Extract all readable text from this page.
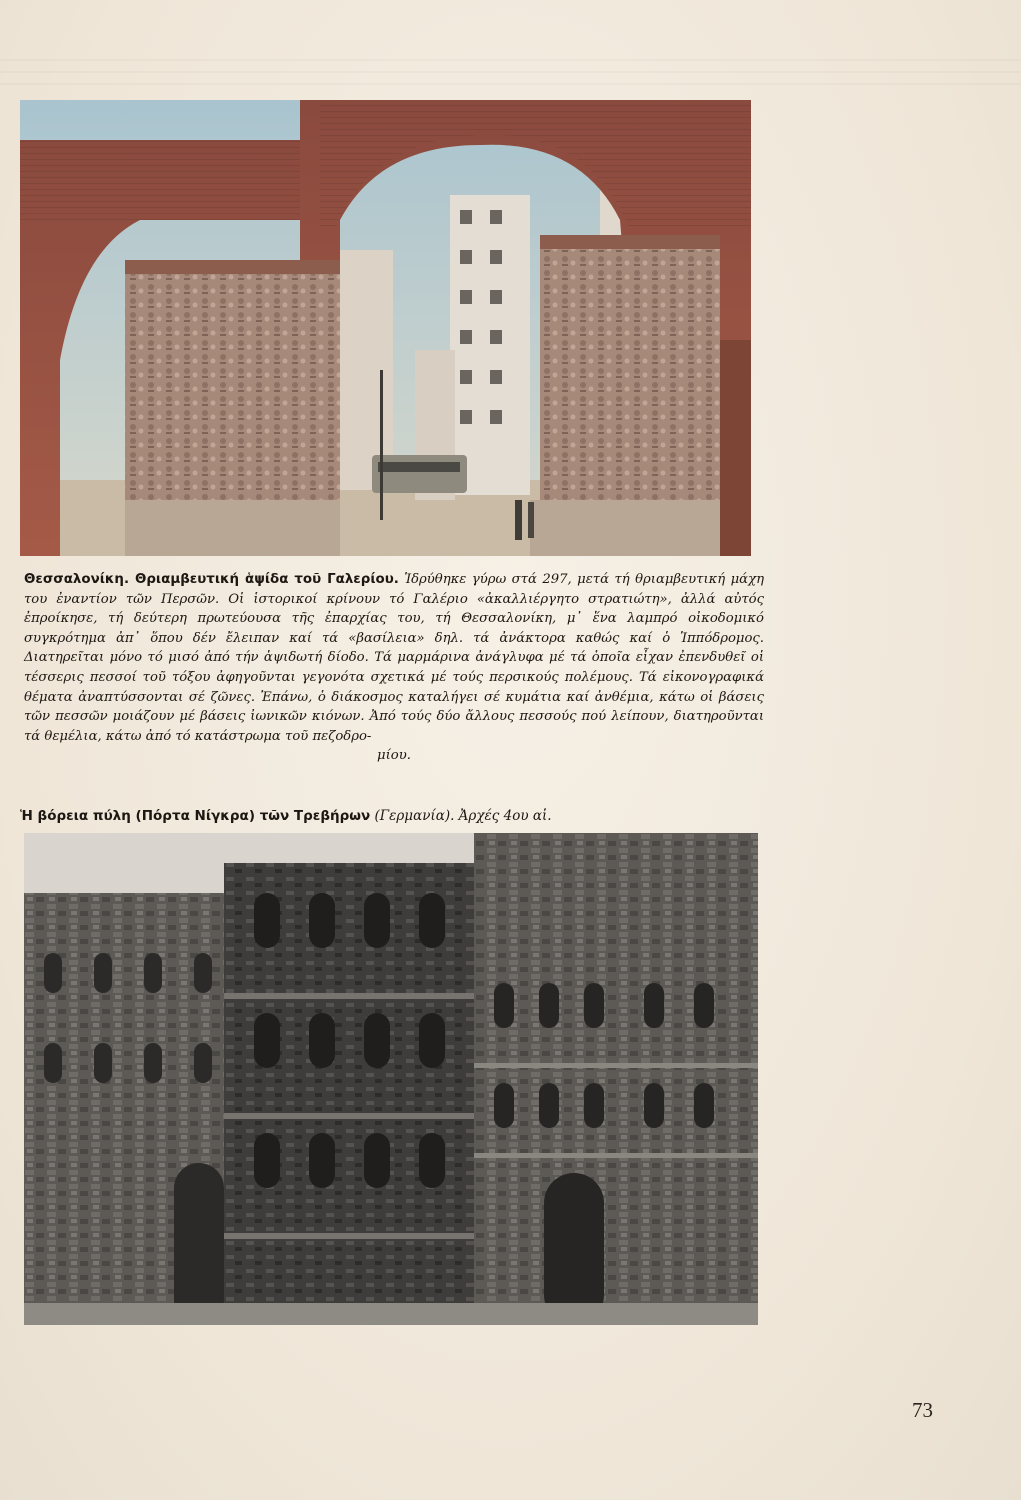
Θεσσαλονίκη. Θριαμβευτική ἁψίδα τοῦ Γαλερίου. Ἱδρύθηκε γύρω στά 297, μετά τή θριαμβευτική μάχη του ἐναντίον τῶν Περσῶν. Οἱ ἱστορικοί κρίνουν τό Γαλέριο «ἀκαλλιέργητο στρατιώτη», ἀλλά αὐτός ἐπροίκησε, τή δεύτερη πρωτεύουσα τῆς ἐπαρχίας του, τή Θεσσαλονίκη, μ᾽ ἕνα λαμπρό οἰκοδομικό συγκρότημα ἀπ᾽ ὅπου δέν ἔλειπαν καί τά «βασίλεια» δηλ. τά ἀνάκτορα καθώς καί ὁ Ἱππόδρομος. Διατηρεῖται μόνο τό μισό ἀπό τήν ἁψιδωτή δίοδο. Τά μαρμάρινα ἀνάγλυφα μέ τά ὁποῖα εἶχαν ἐπενδυθεῖ οἱ τέσσερις πεσσοί τοῦ τόξου ἀφηγοῦνται γεγονότα σχετικά μέ τούς περσικούς πολέμους. Τά εἰκονογραφικά θέματα ἀναπτύσσονται σέ ζῶνες. Ἐπάνω, ὁ διάκοσμος καταλήγει σέ κυμάτια καί ἀνθέμια, κάτω οἱ βάσεις τῶν πεσσῶν μοιάζουν μέ βάσεις ἰωνικῶν κιόνων. Ἀπό τούς δύο ἄλλους πεσσούς πού λείπουν, διατηροῦνται τά θεμέλια, κάτω ἀπό τό κατάστρωμα τοῦ πεζοδρο-
μίου.
Ἡ βόρεια πύλη (Πόρτα Νίγκρα) τῶν Τρεβήρων (Γερμανία). Ἀρχές 4ου αἱ.
73
